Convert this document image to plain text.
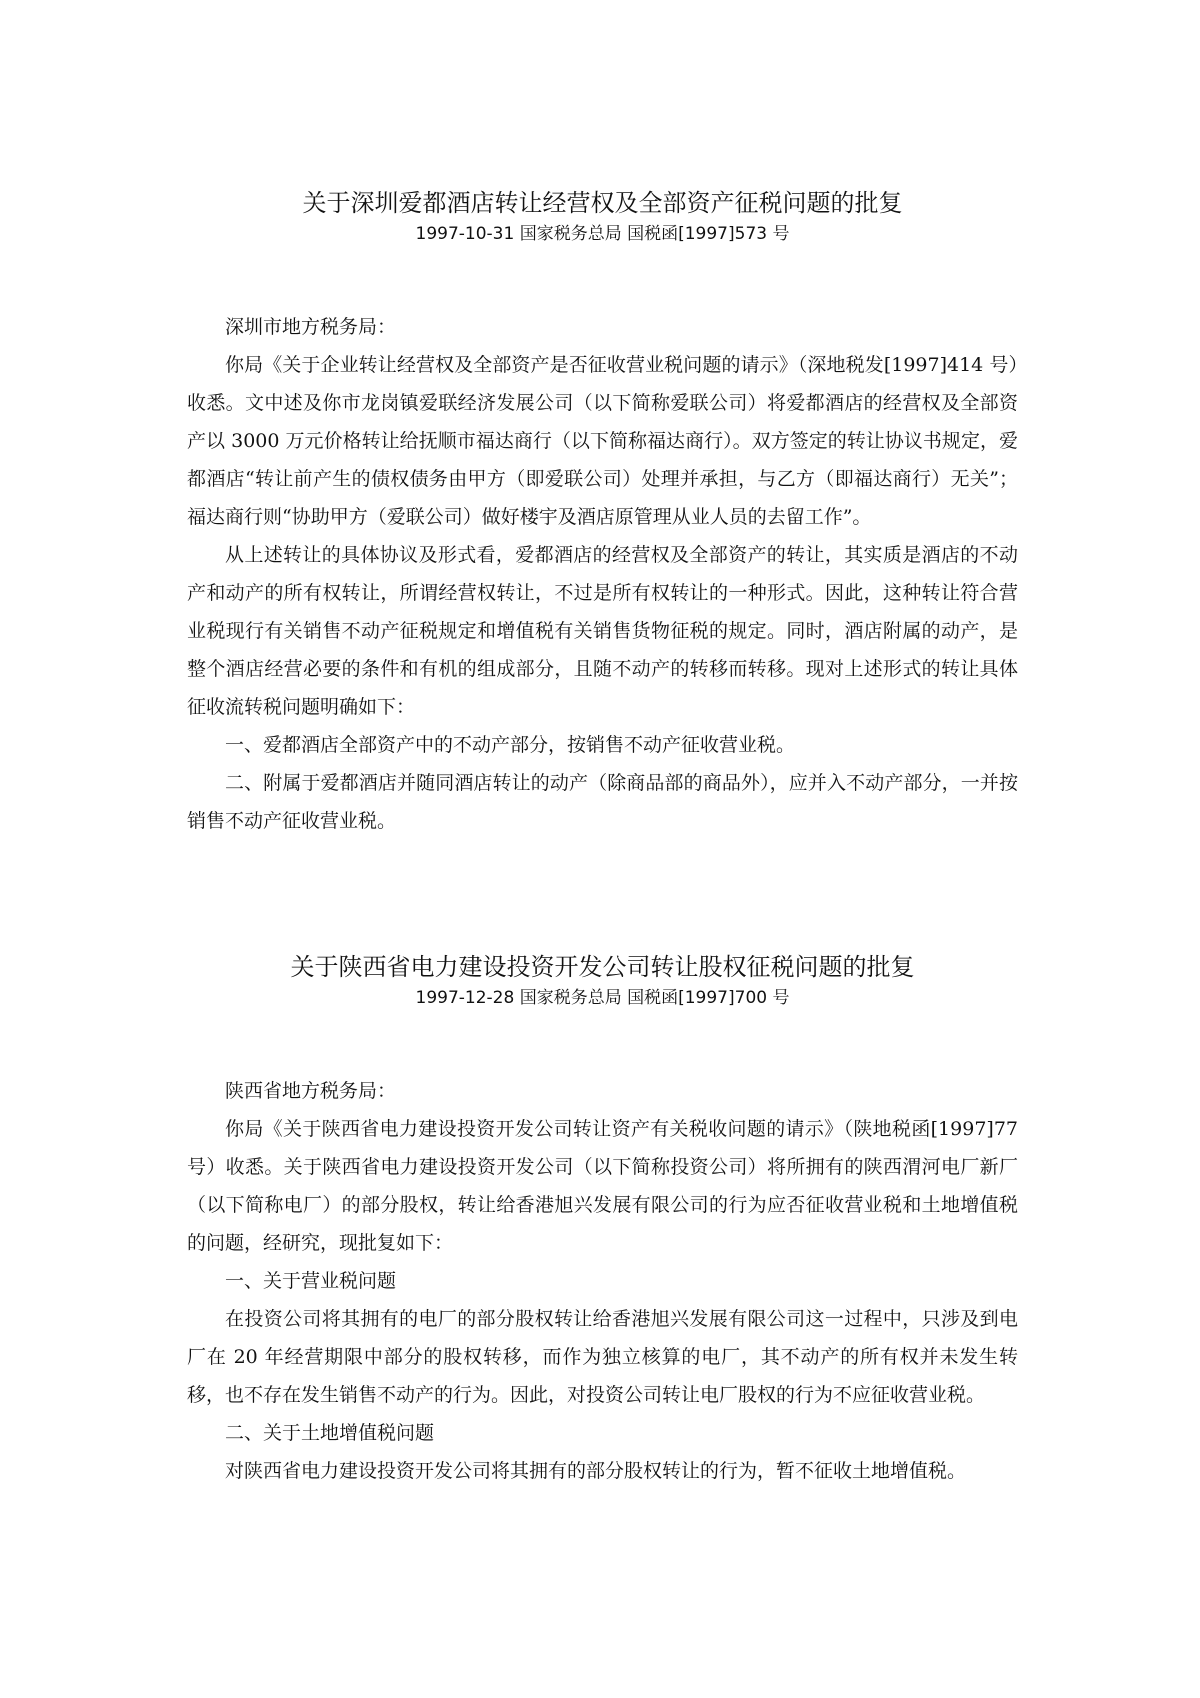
关于深圳爱都酒店转让经营权及全部资产征税问题的批复

1997-10-31 国家税务总局 国税函[1997]573 号

深圳市地方税务局：

你局《关于企业转让经营权及全部资产是否征收营业税问题的请示》（深地税发[1997]414 号）收悉。文中述及你市龙岗镇爱联经济发展公司（以下简称爱联公司）将爱都酒店的经营权及全部资产以 3000 万元价格转让给抚顺市福达商行（以下简称福达商行）。双方签定的转让协议书规定，爱都酒店“转让前产生的债权债务由甲方（即爱联公司）处理并承担，与乙方（即福达商行）无关”；福达商行则“协助甲方（爱联公司）做好楼宇及酒店原管理从业人员的去留工作”。

从上述转让的具体协议及形式看，爱都酒店的经营权及全部资产的转让，其实质是酒店的不动产和动产的所有权转让，所谓经营权转让，不过是所有权转让的一种形式。因此，这种转让符合营业税现行有关销售不动产征税规定和增值税有关销售货物征税的规定。同时，酒店附属的动产，是整个酒店经营必要的条件和有机的组成部分，且随不动产的转移而转移。现对上述形式的转让具体征收流转税问题明确如下：

一、爱都酒店全部资产中的不动产部分，按销售不动产征收营业税。

二、附属于爱都酒店并随同酒店转让的动产（除商品部的商品外），应并入不动产部分，一并按销售不动产征收营业税。

关于陕西省电力建设投资开发公司转让股权征税问题的批复

1997-12-28 国家税务总局 国税函[1997]700 号

陕西省地方税务局：

你局《关于陕西省电力建设投资开发公司转让资产有关税收问题的请示》（陕地税函[1997]77 号）收悉。关于陕西省电力建设投资开发公司（以下简称投资公司）将所拥有的陕西渭河电厂新厂（以下简称电厂）的部分股权，转让给香港旭兴发展有限公司的行为应否征收营业税和土地增值税的问题，经研究，现批复如下：

一、关于营业税问题

在投资公司将其拥有的电厂的部分股权转让给香港旭兴发展有限公司这一过程中，只涉及到电厂在 20 年经营期限中部分的股权转移，而作为独立核算的电厂，其不动产的所有权并未发生转移，也不存在发生销售不动产的行为。因此，对投资公司转让电厂股权的行为不应征收营业税。

二、关于土地增值税问题

对陕西省电力建设投资开发公司将其拥有的部分股权转让的行为，暂不征收土地增值税。
